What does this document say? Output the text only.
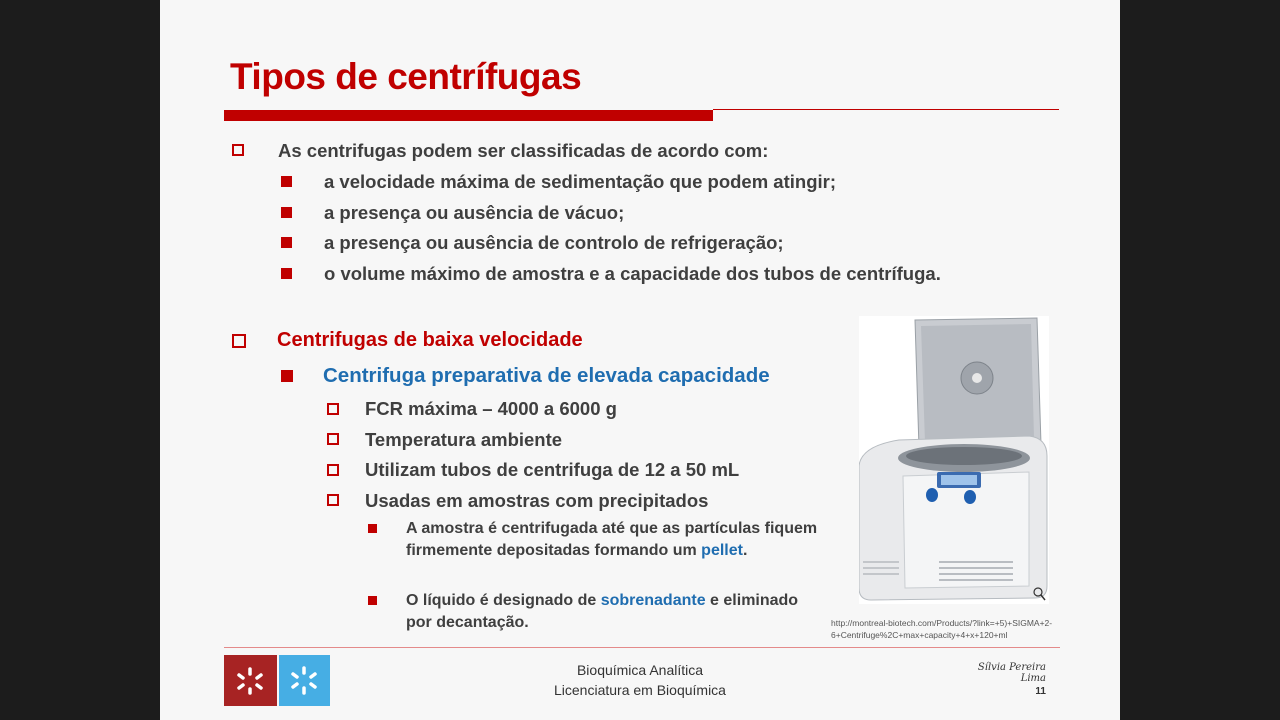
Tipos de centrífugas
As centrifugas podem ser classificadas de acordo com:
a velocidade máxima de sedimentação que podem atingir;
a presença ou ausência de vácuo;
a presença ou ausência de controlo de refrigeração;
o volume máximo de amostra e a capacidade dos tubos de centrífuga.
Centrifugas de baixa velocidade
Centrifuga preparativa de elevada capacidade
FCR máxima – 4000 a 6000 g
Temperatura ambiente
Utilizam tubos de centrifuga de 12 a 50 mL
Usadas em amostras com precipitados
A amostra é centrifugada até que as partículas fiquem firmemente depositadas formando um pellet.
O líquido é designado de sobrenadante e eliminado por decantação.	http://montreal-biotech.com/Products/?link=+5)+SIGMA+2-6+Centrifuge%2C+max+capacity+4+x+120+ml
Bioquímica Analítica
Licenciatura em Bioquímica
Sílvia Pereira Lima
11
